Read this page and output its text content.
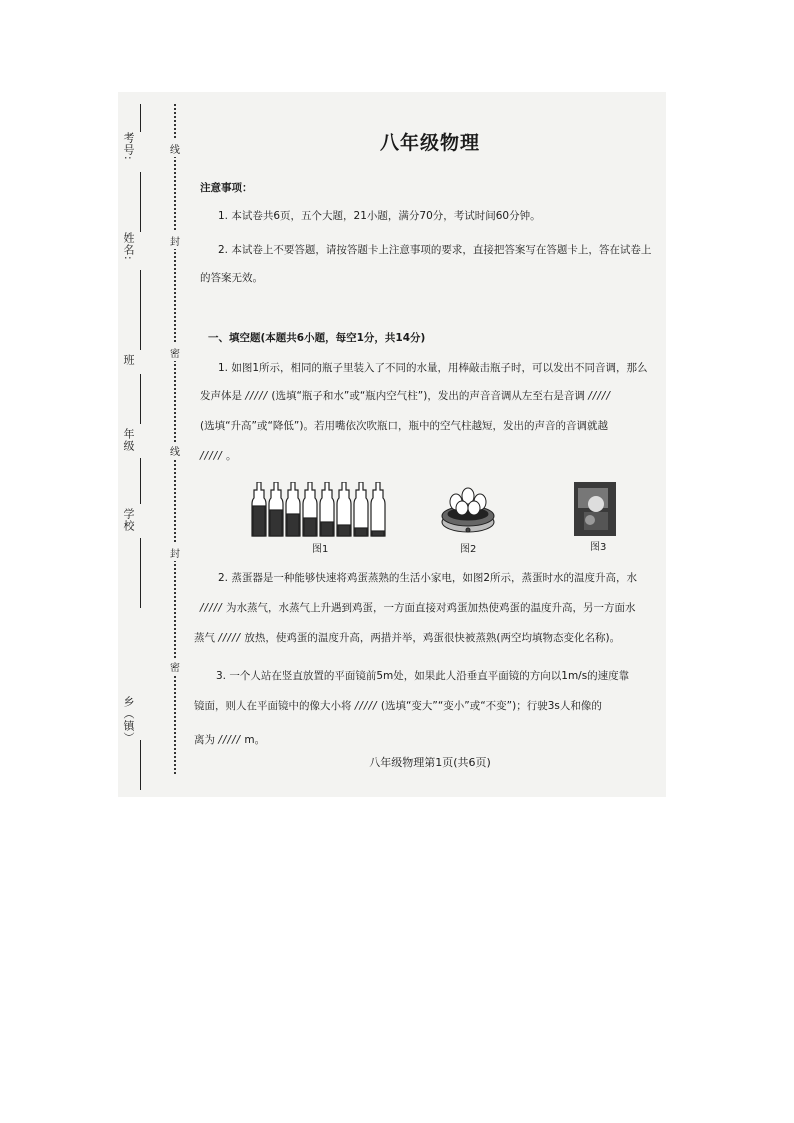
考号:
姓名:
班
年级
学校
乡（镇）
线
封
密
线
封
密
八年级物理
注意事项：
1. 本试卷共6页，五个大题，21小题，满分70分，考试时间60分钟。
2. 本试卷上不要答题，请按答题卡上注意事项的要求，直接把答案写在答题卡上，答在试卷上
的答案无效。
一、填空题(本题共6小题，每空1分，共14分)
1. 如图1所示，相同的瓶子里装入了不同的水量，用棒敲击瓶子时，可以发出不同音调，那么
发声体是 ///// (选填“瓶子和水”或“瓶内空气柱”)，发出的声音音调从左至右是音调 /////
(选填“升高”或“降低”)。若用嘴依次吹瓶口，瓶中的空气柱越短，发出的声音的音调就越
///// 。
图1	图2	图3
2. 蒸蛋器是一种能够快速将鸡蛋蒸熟的生活小家电，如图2所示，蒸蛋时水的温度升高，水
///// 为水蒸气，水蒸气上升遇到鸡蛋，一方面直接对鸡蛋加热使鸡蛋的温度升高，另一方面水
蒸气 ///// 放热，使鸡蛋的温度升高，两措并举，鸡蛋很快被蒸熟(两空均填物态变化名称)。
3. 一个人站在竖直放置的平面镜前5m处，如果此人沿垂直平面镜的方向以1m/s的速度靠
镜面，则人在平面镜中的像大小将 ///// (选填“变大”“变小”或“不变”)；行驶3s人和像的
离为 ///// m。
八年级物理第1页(共6页)
